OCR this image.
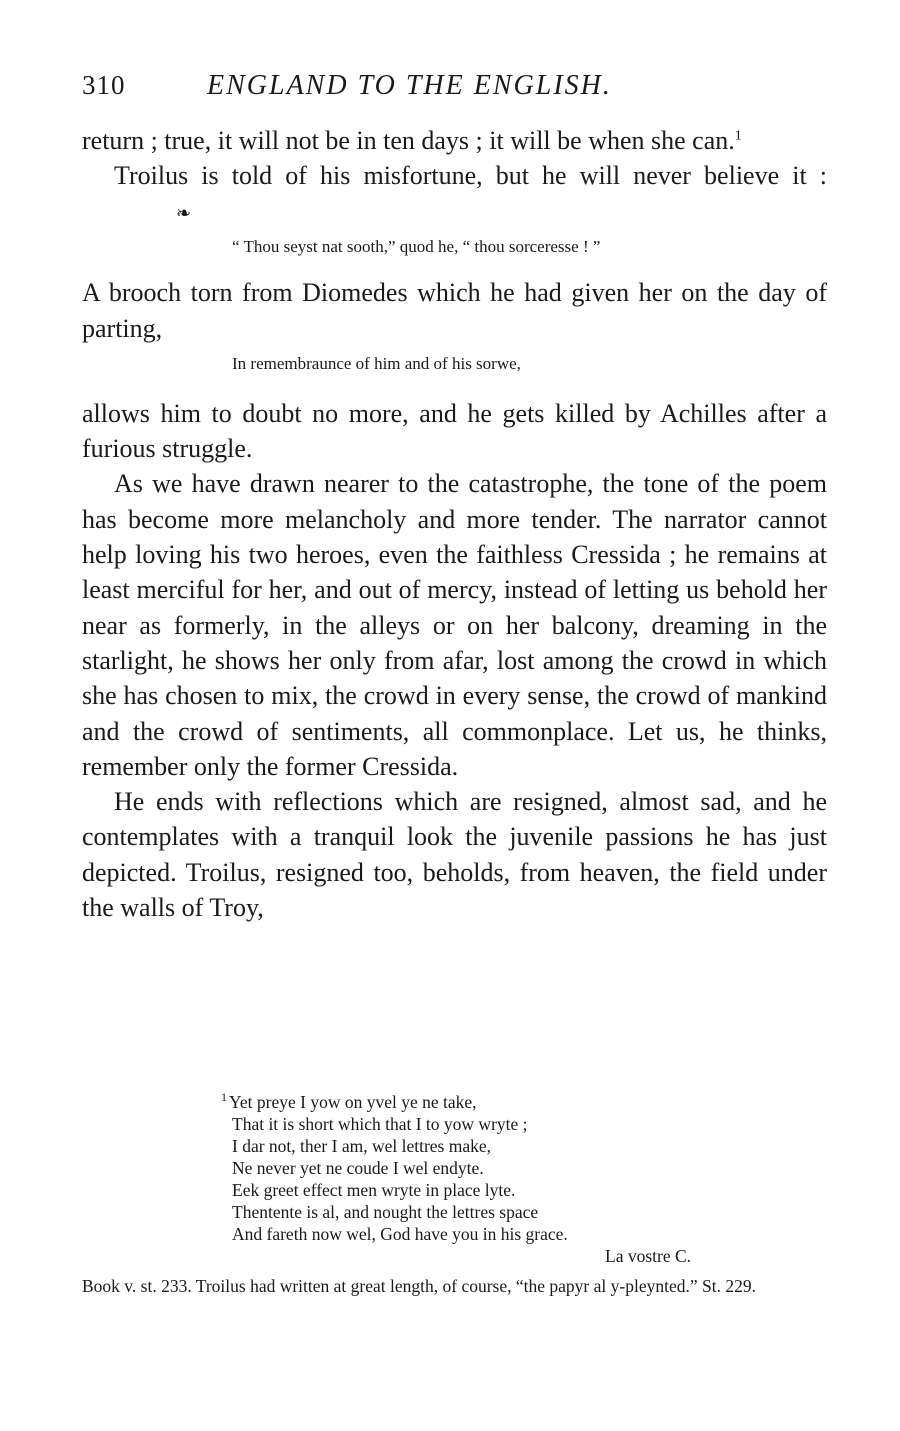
310	ENGLAND TO THE ENGLISH.

return ; true, it will not be in ten days ; it will be when she can.$^1$

Troilus is told of his misfortune, but he will never believe it :❧

“ Thou seyst nat sooth,” quod he, “ thou sorceresse ! ”

A brooch torn from Diomedes which he had given her on the day of parting,

In remembraunce of him and of his sorwe,

allows him to doubt no more, and he gets killed by Achilles after a furious struggle.

As we have drawn nearer to the catastrophe, the tone of the poem has become more melancholy and more tender. The narrator cannot help loving his two heroes, even the faithless Cressida ; he remains at least merciful for her, and out of mercy, instead of letting us behold her near as formerly, in the alleys or on her balcony, dreaming in the starlight, he shows her only from afar, lost among the crowd in which she has chosen to mix, the crowd in every sense, the crowd of mankind and the crowd of sentiments, all commonplace. Let us, he thinks, remember only the former Cressida.

He ends with reflections which are resigned, almost sad, and he contemplates with a tranquil look the juvenile passions he has just depicted. Troilus, resigned too, beholds, from heaven, the field under the walls of Troy,

$^1$ Yet preye I yow on yvel ye ne take,
That it is short which that I to yow wryte ;
I dar not, ther I am, wel lettres make,
Ne never yet ne coude I wel endyte.
Eek greet effect men wryte in place lyte.
Thentente is al, and nought the lettres space
And fareth now wel, God have you in his grace.
La vostre C.
Book v. st. 233. Troilus had written at great length, of course, “the papyr al y-pleynted.” St. 229.
